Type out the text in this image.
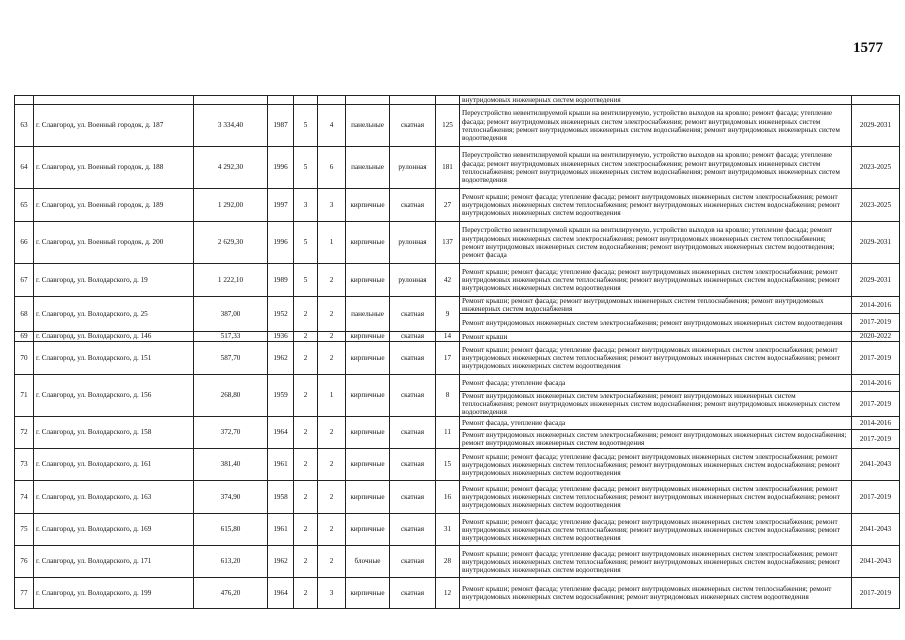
1577
									внутридомовых инженерных систем водоотведения	
63	г. Славгород, ул. Военный городок, д. 187	3 334,40	1987	5	4	панельные	скатная	125	Переустройство невентилируемой крыши на вентилируемую, устройство выходов на кровлю; ремонт фасада; утепление фасада; ремонт внутридомовых инженерных систем электроснабжения; ремонт внутридомовых инженерных систем теплоснабжения; ремонт внутридомовых инженерных систем водоснабжения; ремонт внутридомовых инженерных систем водоотведения	2029-2031
64	г. Славгород, ул. Военный городок, д. 188	4 292,30	1996	5	6	панельные	рулонная	181	Переустройство невентилируемой крыши на вентилируемую, устройство выходов на кровлю; ремонт фасада; утепление фасада; ремонт внутридомовых инженерных систем электроснабжения; ремонт внутридомовых инженерных систем теплоснабжения; ремонт внутридомовых инженерных систем водоснабжения; ремонт внутридомовых инженерных систем водоотведения	2023-2025
65	г. Славгород, ул. Военный городок, д. 189	1 292,00	1997	3	3	кирпичные	скатная	27	Ремонт крыши; ремонт фасада; утепление фасада; ремонт внутридомовых инженерных систем электроснабжения; ремонт внутридомовых инженерных систем теплоснабжения; ремонт внутридомовых инженерных систем водоснабжения; ремонт внутридомовых инженерных систем водоотведения	2023-2025
66	г. Славгород, ул. Военный городок, д. 200	2 629,30	1996	5	1	кирпичные	рулонная	137	Переустройство невентилируемой крыши на вентилируемую, устройство выходов на кровлю; утепление фасада; ремонт внутридомовых инженерных систем электроснабжения; ремонт внутридомовых инженерных систем теплоснабжения; ремонт внутридомовых инженерных систем водоснабжения; ремонт внутридомовых инженерных систем водоотведения; ремонт фасада	2029-2031
67	г. Славгород, ул. Володарского, д. 19	1 222,10	1989	5	2	кирпичные	рулонная	42	Ремонт крыши; ремонт фасада; утепление фасада; ремонт внутридомовых инженерных систем электроснабжения; ремонт внутридомовых инженерных систем теплоснабжения; ремонт внутридомовых инженерных систем водоснабжения; ремонт внутридомовых инженерных систем водоотведения	2029-2031
68	г. Славгород, ул. Володарского, д. 25	387,00	1952	2	2	панельные	скатная	9	Ремонт крыши; ремонт фасада; ремонт внутридомовых инженерных систем теплоснабжения; ремонт внутридомовых инженерных систем водоснабжения	2014-2016
									Ремонт внутридомовых инженерных систем электроснабжения; ремонт внутридомовых инженерных систем водоотведения	2017-2019
69	г. Славгород, ул. Володарского, д. 146	517,33	1936	2	2	кирпичные	скатная	14	Ремонт крыши	2020-2022
70	г. Славгород, ул. Володарского, д. 151	587,70	1962	2	2	кирпичные	скатная	17	Ремонт крыши; ремонт фасада; утепление фасада; ремонт внутридомовых инженерных систем электроснабжения; ремонт внутридомовых инженерных систем теплоснабжения; ремонт внутридомовых инженерных систем водоснабжения; ремонт внутридомовых инженерных систем водоотведения	2017-2019
71	г. Славгород, ул. Володарского, д. 156	268,80	1959	2	1	кирпичные	скатная	8	Ремонт фасада; утепление фасада	2014-2016
									Ремонт внутридомовых инженерных систем электроснабжения; ремонт внутридомовых инженерных систем теплоснабжения; ремонт внутридомовых инженерных систем водоснабжения; ремонт внутридомовых инженерных систем водоотведения	2017-2019
72	г. Славгород, ул. Володарского, д. 158	372,70	1964	2	2	кирпичные	скатная	11	Ремонт фасада, утепление фасада	2014-2016
									Ремонт внутридомовых инженерных систем электроснабжения; ремонт внутридомовых инженерных систем водоснабжения; ремонт внутридомовых инженерных систем водоотведения	2017-2019
73	г. Славгород, ул. Володарского, д. 161	381,40	1961	2	2	кирпичные	скатная	15	Ремонт крыши; ремонт фасада; утепление фасада; ремонт внутридомовых инженерных систем электроснабжения; ремонт внутридомовых инженерных систем теплоснабжения; ремонт внутридомовых инженерных систем водоснабжения; ремонт внутридомовых инженерных систем водоотведения	2041-2043
74	г. Славгород, ул. Володарского, д. 163	374,90	1958	2	2	кирпичные	скатная	16	Ремонт крыши; ремонт фасада; утепление фасада; ремонт внутридомовых инженерных систем электроснабжения; ремонт внутридомовых инженерных систем теплоснабжения; ремонт внутридомовых инженерных систем водоснабжения; ремонт внутридомовых инженерных систем водоотведения	2017-2019
75	г. Славгород, ул. Володарского, д. 169	615,80	1961	2	2	кирпичные	скатная	31	Ремонт крыши; ремонт фасада; утепление фасада; ремонт внутридомовых инженерных систем электроснабжения; ремонт внутридомовых инженерных систем теплоснабжения; ремонт внутридомовых инженерных систем водоснабжения; ремонт внутридомовых инженерных систем водоотведения	2041-2043
76	г. Славгород, ул. Володарского, д. 171	613,20	1962	2	2	блочные	скатная	28	Ремонт крыши; ремонт фасада; утепление фасада; ремонт внутридомовых инженерных систем электроснабжения; ремонт внутридомовых инженерных систем теплоснабжения; ремонт внутридомовых инженерных систем водоснабжения; ремонт внутридомовых инженерных систем водоотведения	2041-2043
77	г. Славгород, ул. Володарского, д. 199	476,20	1964	2	3	кирпичные	скатная	12	Ремонт крыши; ремонт фасада; утепление фасада; ремонт внутридомовых инженерных систем теплоснабжения; ремонт внутридомовых инженерных систем водоснабжения; ремонт внутридомовых инженерных систем водоотведения	2017-2019
